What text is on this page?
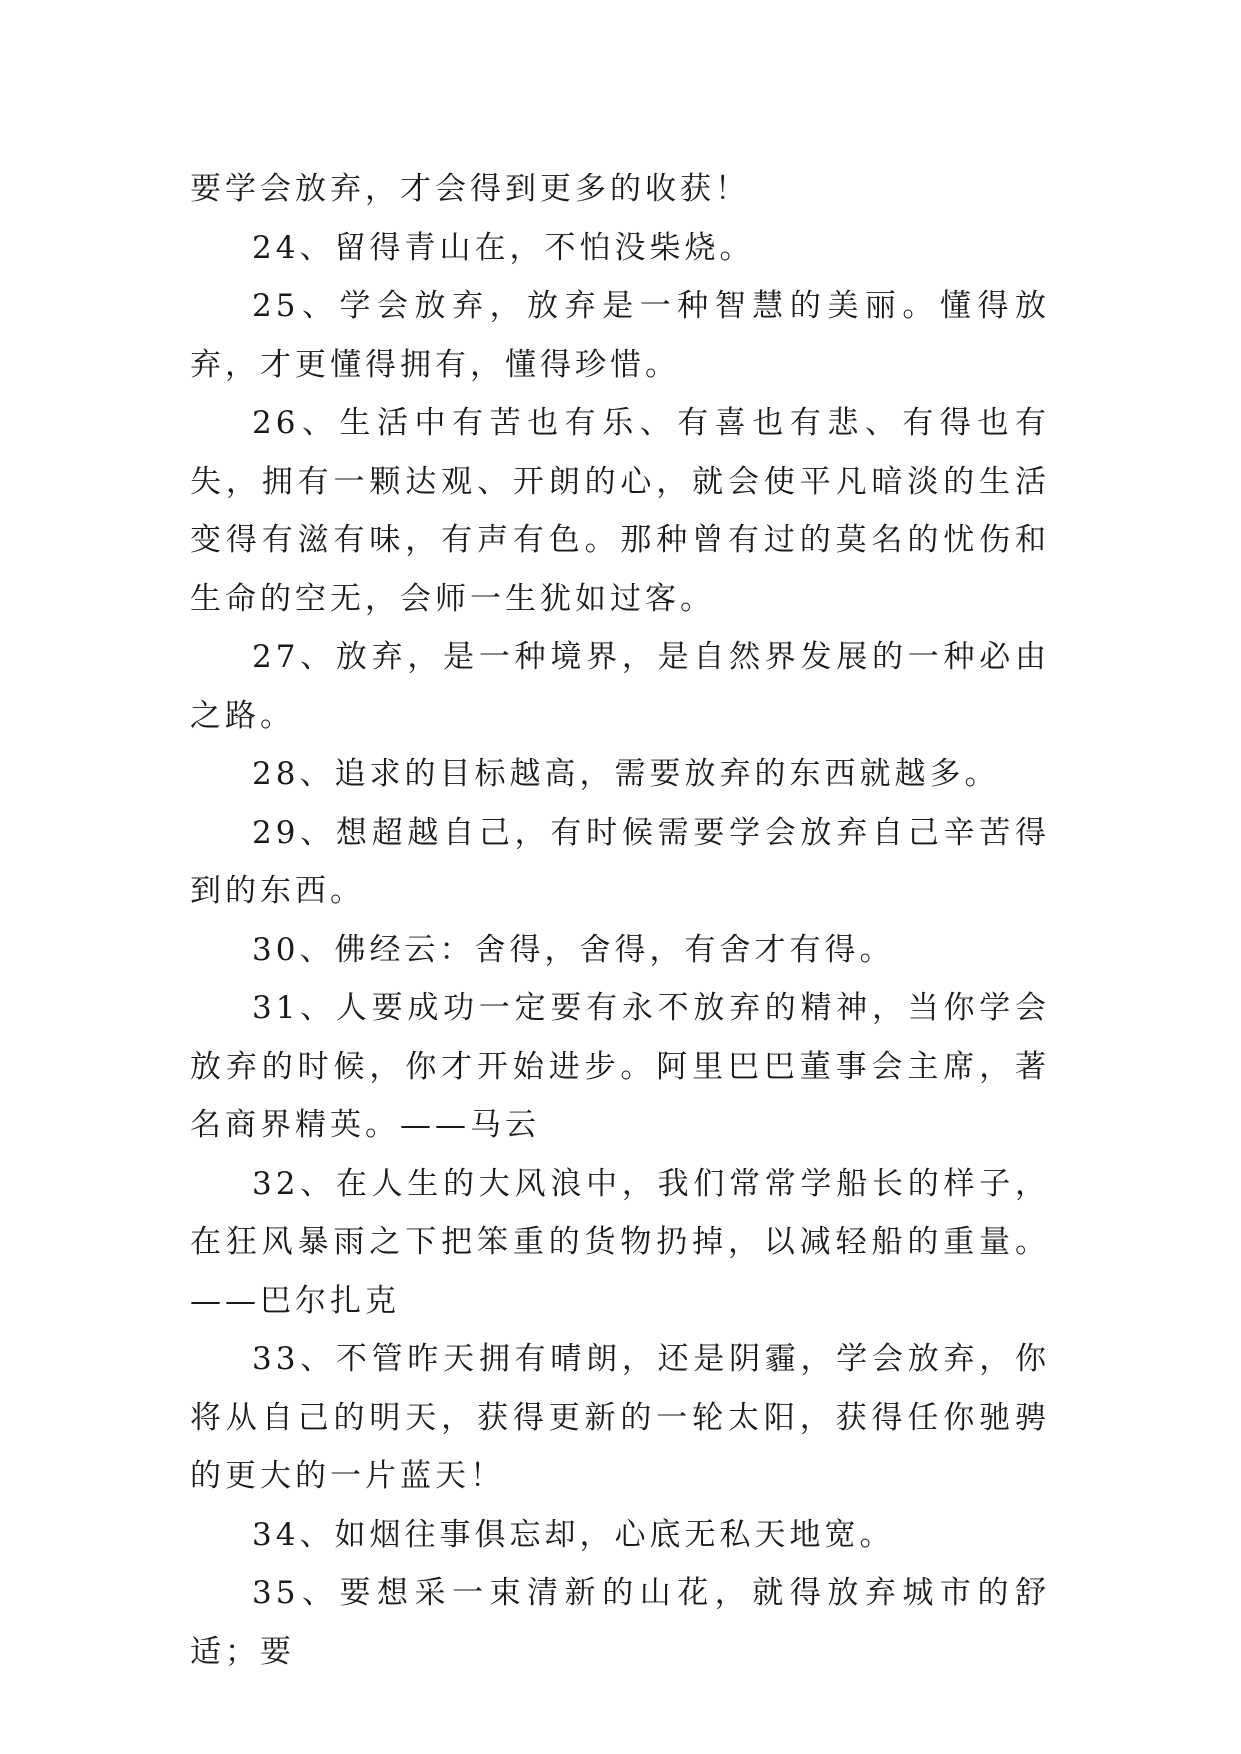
要学会放弃，才会得到更多的收获！

24、留得青山在，不怕没柴烧。

25、学会放弃，放弃是一种智慧的美丽。懂得放弃，才更懂得拥有，懂得珍惜。

26、生活中有苦也有乐、有喜也有悲、有得也有失，拥有一颗达观、开朗的心，就会使平凡暗淡的生活变得有滋有味，有声有色。那种曾有过的莫名的忧伤和生命的空无，会师一生犹如过客。

27、放弃，是一种境界，是自然界发展的一种必由之路。

28、追求的目标越高，需要放弃的东西就越多。

29、想超越自己，有时候需要学会放弃自己辛苦得到的东西。

30、佛经云：舍得，舍得，有舍才有得。

31、人要成功一定要有永不放弃的精神，当你学会放弃的时候，你才开始进步。阿里巴巴董事会主席，著名商界精英。——马云

32、在人生的大风浪中，我们常常学船长的样子，在狂风暴雨之下把笨重的货物扔掉，以减轻船的重量。——巴尔扎克

33、不管昨天拥有晴朗，还是阴霾，学会放弃，你将从自己的明天，获得更新的一轮太阳，获得任你驰骋的更大的一片蓝天！

34、如烟往事俱忘却，心底无私天地宽。

35、要想采一束清新的山花，就得放弃城市的舒适；要
